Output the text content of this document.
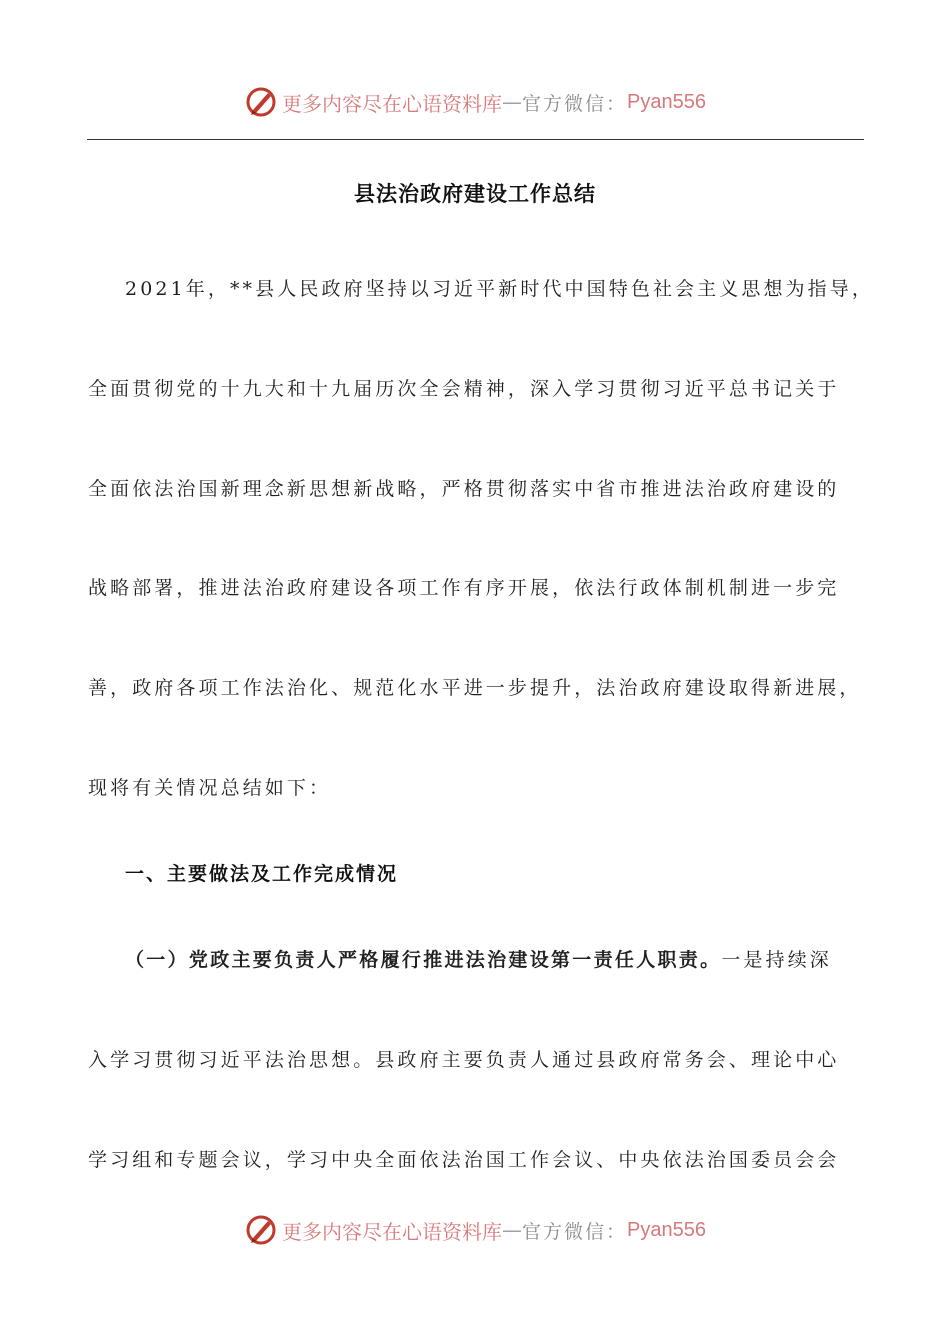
更多内容尽在心语资料库 — 官方微信： Pyan556
县法治政府建设工作总结
2021年，**县人民政府坚持以习近平新时代中国特色社会主义思想为指导，
全面贯彻党的十九大和十九届历次全会精神，深入学习贯彻习近平总书记关于
全面依法治国新理念新思想新战略，严格贯彻落实中省市推进法治政府建设的
战略部署，推进法治政府建设各项工作有序开展，依法行政体制机制进一步完
善，政府各项工作法治化、规范化水平进一步提升，法治政府建设取得新进展，
现将有关情况总结如下：
一、主要做法及工作完成情况
（一）党政主要负责人严格履行推进法治建设第一责任人职责。一是持续深
入学习贯彻习近平法治思想。县政府主要负责人通过县政府常务会、理论中心
学习组和专题会议，学习中央全面依法治国工作会议、中央依法治国委员会会
更多内容尽在心语资料库 — 官方微信： Pyan556
